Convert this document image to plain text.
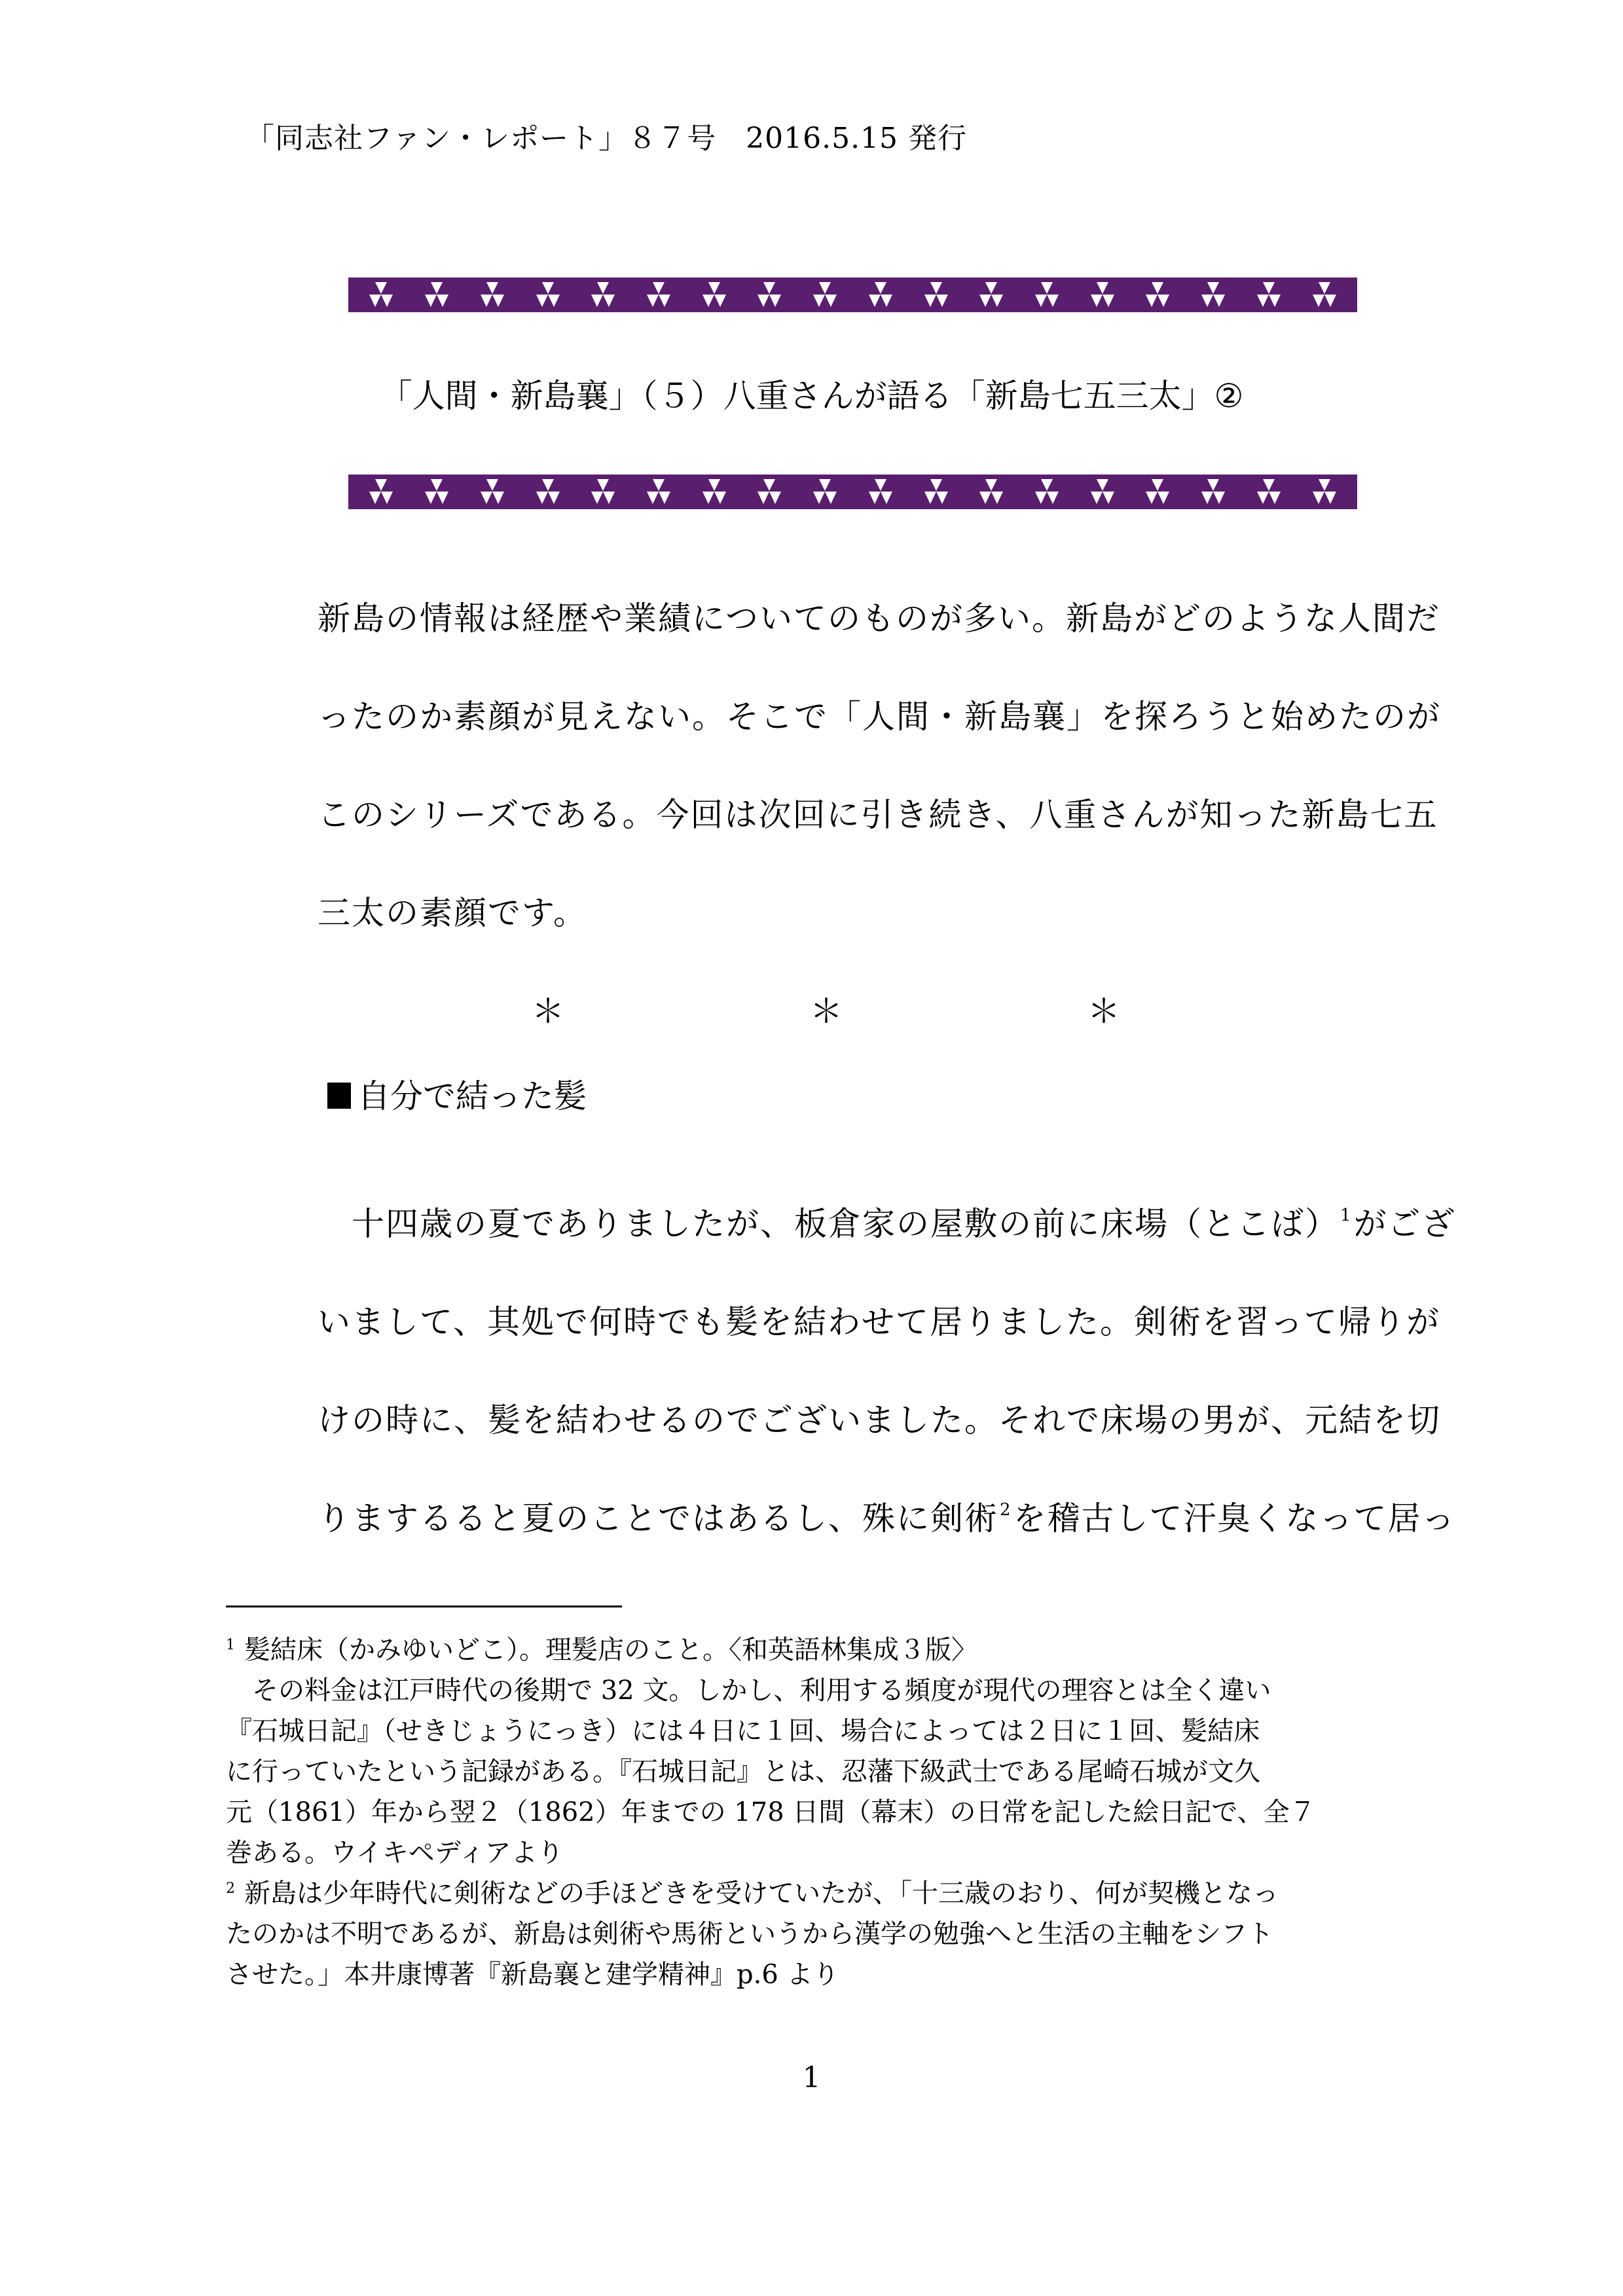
「同志社ファン・レポート」８７号　2016.5.15 発行
「人間・新島襄」（５）八重さんが語る「新島七五三太」②
新島の情報は経歴や業績についてのものが多い。新島がどのような人間だ
ったのか素顔が見えない。そこで「人間・新島襄」を探ろうと始めたのが
このシリーズである。今回は次回に引き続き、八重さんが知った新島七五
三太の素顔です。
＊	＊	＊
自分で結った髪
　十四歳の夏でありましたが、板倉家の屋敷の前に床場（とこば）$^1$がござ
いまして、其処で何時でも髪を結わせて居りました。剣術を習って帰りが
けの時に、髪を結わせるのでございました。それで床場の男が、元結を切
りまするると夏のことではあるし、殊に剣術$^2$を稽古して汗臭くなって居っ
$^1$ 髪結床（かみゆいどこ）。理髪店のこと。〈和英語林集成３版〉
　その料金は江戸時代の後期で 32 文。しかし、利用する頻度が現代の理容とは全く違い
『石城日記』（せきじょうにっき）には４日に１回、場合によっては２日に１回、髪結床
に行っていたという記録がある。『石城日記』とは、忍藩下級武士である尾崎石城が文久
元（1861）年から翌２（1862）年までの 178 日間（幕末）の日常を記した絵日記で、全７
巻ある。ウイキペディアより
$^2$ 新島は少年時代に剣術などの手ほどきを受けていたが、「十三歳のおり、何が契機となっ
たのかは不明であるが、新島は剣術や馬術というから漢学の勉強へと生活の主軸をシフト
させた。」本井康博著『新島襄と建学精神』p.6 より
1
